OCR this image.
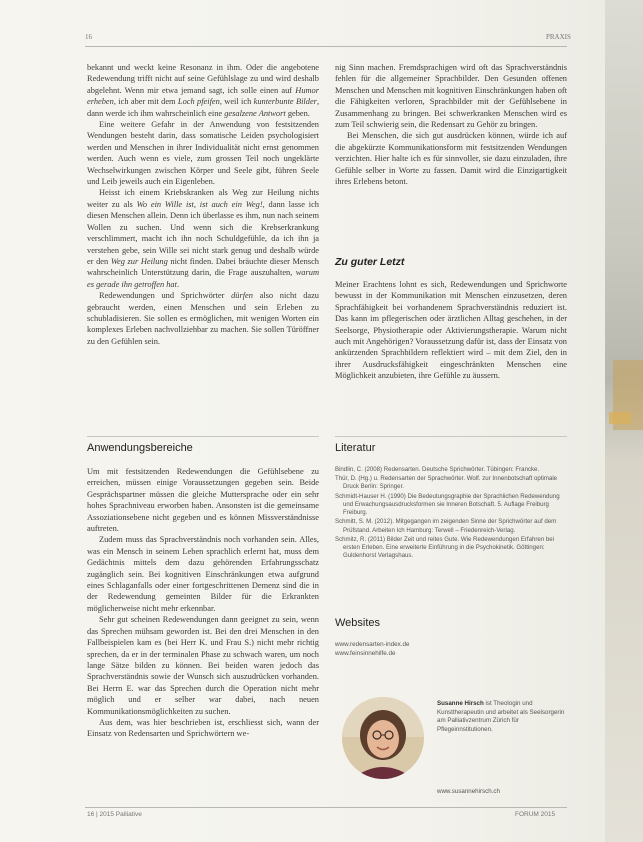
16	PRAXIS

bekannt und weckt keine Resonanz in ihm. Oder die angebotene Redewendung trifft nicht auf seine Gefühlslage zu und wird deshalb abgelehnt. Wenn mir etwa jemand sagt, ich solle einen auf Humor erheben, ich aber mit dem Loch pfeifen, weil ich kunterbunte Bilder, dann werde ich ihm wahrscheinlich eine gesalzene Antwort geben.

Eine weitere Gefahr in der Anwendung von festsitzenden Wendungen besteht darin, dass somatische Leiden psychologisiert werden und Menschen in ihrer Individualität nicht ernst genommen werden. Auch wenn es viele, zum grossen Teil noch ungeklärte Wechselwirkungen zwischen Körper und Seele gibt, führen Seele und Leib jeweils auch ein Eigenleben.

Heisst ich einem Kriebskranken als Weg zur Heilung nichts weiter zu als Wo ein Wille ist, ist auch ein Weg!, dann lasse ich diesen Menschen allein. Denn ich überlasse es ihm, nun nach seinem Wollen zu suchen. Und wenn sich die Krebserkrankung verschlimmert, macht ich ihn noch Schuldgefühle, da ich ihn ja verstehen gebe, sein Wille sei nicht stark genug und deshalb würde er den Weg zur Heilung nicht finden. Dabei bräuchte dieser Mensch wahrscheinlich Unterstützung darin, die Frage auszuhalten, warum es gerade ihn getroffen hat.

Redewendungen und Sprichwörter dürfen also nicht dazu gebraucht werden, einen Menschen und sein Erleben zu schubladisieren. Sie sollen es ermöglichen, mit wenigen Worten ein komplexes Erleben nachvollziehbar zu machen. Sie sollen Türöffner zu den Gefühlen sein.

nig Sinn machen. Fremdsprachigen wird oft das Sprachverständnis fehlen für die allgemeiner Sprachbilder. Den Gesunden offenen Menschen und Menschen mit kognitiven Einschränkungen haben oft die Fähigkeiten verloren, Sprachbilder mit der Gefühlsebene in Zusammenhang zu bringen. Bei schwerkranken Menschen wird es zum Teil schwierig sein, die Redensart zu Gehör zu bringen.

Bei Menschen, die sich gut ausdrücken können, würde ich auf die abgekürzte Kommunikationsform mit festsitzenden Wendungen verzichten. Hier halte ich es für sinnvoller, sie dazu einzuladen, ihre Gefühle selber in Worte zu fassen. Damit wird die Einzigartigkeit ihres Erlebens betont.

Zu guter Letzt

Meiner Erachtens lohnt es sich, Redewendungen und Sprichworte bewusst in der Kommunikation mit Menschen einzusetzen, deren Sprachfähigkeit bei vorhandenem Sprachverständnis reduziert ist. Das kann im pflegerischen oder ärztlichen Alltag geschehen, in der Seelsorge, Physiotherapie oder Aktivierungstherapie. Warum nicht auch mit Angehörigen? Voraussetzung dafür ist, dass der Einsatz von ankürzenden Sprachbildern reflektiert wird – mit dem Ziel, den in ihrer Ausdrucksfähigkeit eingeschränkten Menschen eine Möglichkeit anzubieten, ihre Gefühle zu äussern.

Anwendungsbereiche

Um mit festsitzenden Redewendungen die Gefühlsebene zu erreichen, müssen einige Voraussetzungen gegeben sein. Beide Gesprächspartner müssen die gleiche Muttersprache oder ein sehr hohes Sprachniveau erworben haben. Ansonsten ist die gemeinsame Assoziationsebene nicht gegeben und es können Missverständnisse auftreten.

Zudem muss das Sprachverständnis noch vorhanden sein. Alles, was ein Mensch in seinem Leben sprachlich erlernt hat, muss dem Gedächtnis mittels dem dazu gehörenden Erfahrungsschatz zugänglich sein. Bei kognitiven Einschränkungen etwa aufgrund eines Schlaganfalls oder einer fortgeschrittenen Demenz sind die in der Redewendung gemeinten Bilder für die Erkrankten möglicherweise nicht mehr erkennbar.

Sehr gut scheinen Redewendungen dann geeignet zu sein, wenn das Sprechen mühsam geworden ist. Bei den drei Menschen in den Fallbeispielen kam es (bei Herr K. und Frau S.) nicht mehr richtig sprechen, da er in der terminalen Phase zu schwach waren, um noch lange Sätze bilden zu können. Bei beiden waren jedoch das Sprachverständnis sowie der Wunsch sich auszudrücken vorhanden. Bei Herrn E. war das Sprechen durch die Operation nicht mehr möglich und er selber war dabei, nach neuen Kommunikationsmöglichkeiten zu suchen.

Aus dem, was hier beschrieben ist, erschliesst sich, wann der Einsatz von Redensarten und Sprichwörtern we-

Literatur
Bindlin, C. (2008) Redensarten. Deutsche Sprichwörter. Tübingen: Francke.
Thür, D. (Hg.) u. Redensarten der Sprachwörter. Wolf. zur Innenbotschaft optimale Druck Berlin: Springer.
Schmidt-Hauser H. (1990) Die Bedeutungsgraphie der Sprachlichen Redewendung und Erwachungsausdrucksformen sie Inneren Botschaft. 5. Auflage Freiburg Freiburg.
Schmitt, S. M. (2012). Mitgegangen im zeigenden Sinne der Sprichwörter auf dem Prüfstand. Arbeiten Ich Hamburg: Terwell – Friedenreich-Verlag.
Schmitz, R. (2011) Bilder Zeit und reites Gute. Wie Redewendungen Erfahren bei ersten Erleben. Eine erweiterte Einführung in die Psychokinetik. Göttingen: Guldenhorst Verlagshaus.
Websites
www.redensarten-index.de
www.feinsinnehilfe.de
Susanne Hirsch ist Theologin und Kunsttherapeutin und arbeitet als Seelsorgerin am Palliativzentrum Zürich für Pflegeinnstitutionen.
www.susannehirsch.ch
16 | 2015 Palliative	FORUM 2015
